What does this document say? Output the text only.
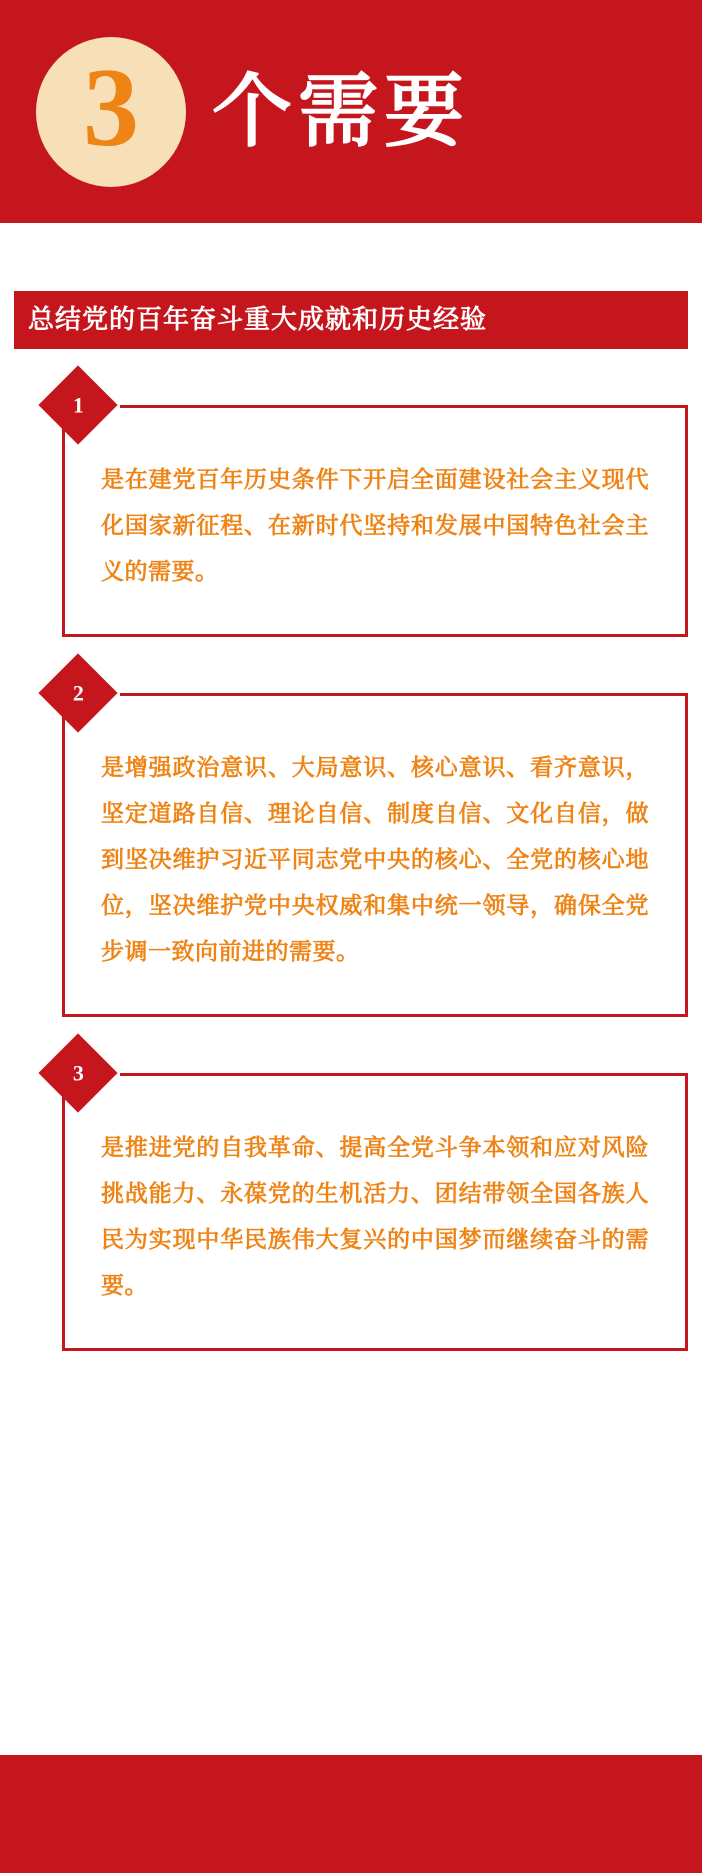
3 个需要
总结党的百年奋斗重大成就和历史经验
1
是在建党百年历史条件下开启全面建设社会主义现代化国家新征程、在新时代坚持和发展中国特色社会主义的需要。
2
是增强政治意识、大局意识、核心意识、看齐意识，坚定道路自信、理论自信、制度自信、文化自信，做到坚决维护习近平同志党中央的核心、全党的核心地位，坚决维护党中央权威和集中统一领导，确保全党步调一致向前进的需要。
3
是推进党的自我革命、提高全党斗争本领和应对风险挑战能力、永葆党的生机活力、团结带领全国各族人民为实现中华民族伟大复兴的中国梦而继续奋斗的需要。
